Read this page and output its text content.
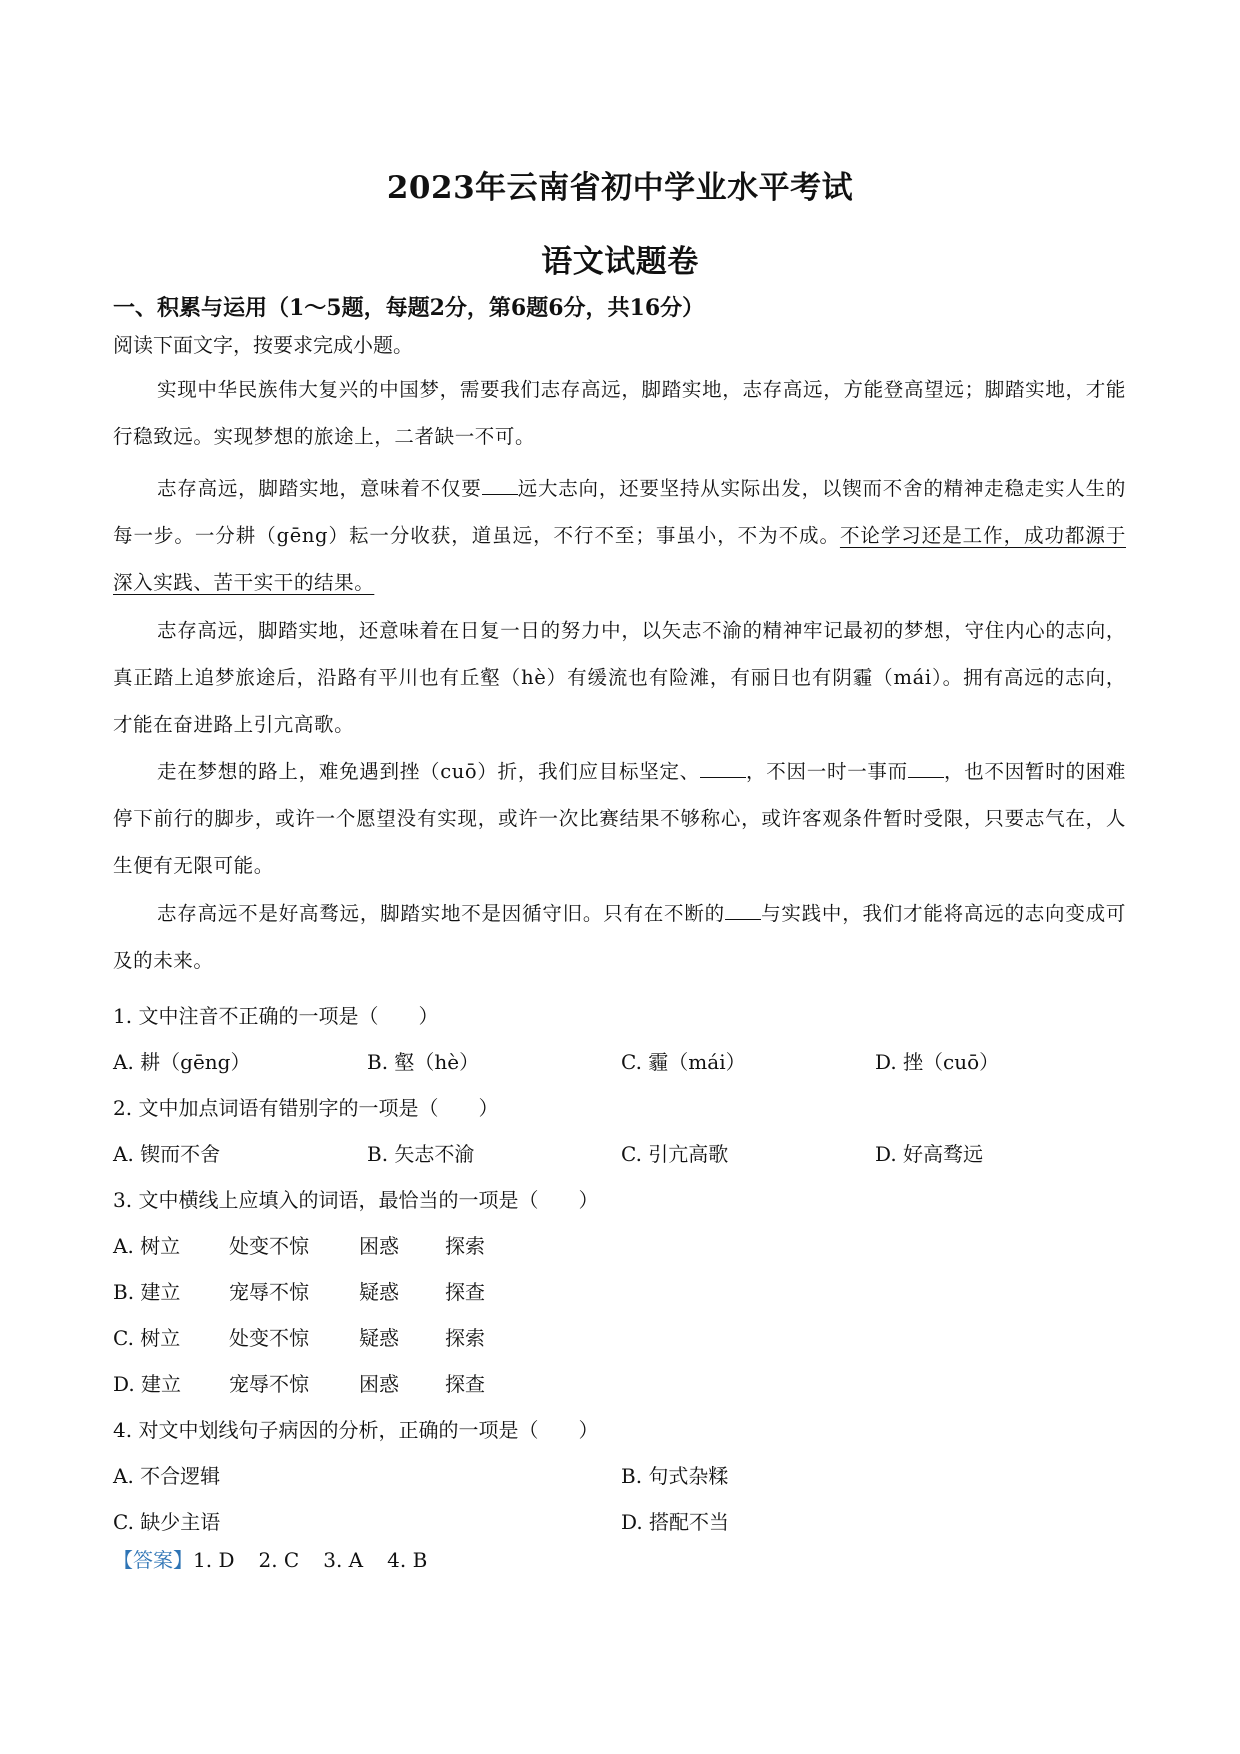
2023年云南省初中学业水平考试
语文试题卷
一、积累与运用（1～5题，每题2分，第6题6分，共16分）
阅读下面文字，按要求完成小题。
实现中华民族伟大复兴的中国梦，需要我们志存高远，脚踏实地，志存高远，方能登高望远；脚踏实地，才能行稳致远。实现梦想的旅途上，二者缺一不可。
志存高远，脚踏实地，意味着不仅要 远大志向，还要坚持从实际出发，以锲而不舍的精神走稳走实人生的每一步。一分耕（gēng）耘一分收获，道虽远，不行不至；事虽小，不为不成。不论学习还是工作，成功都源于深入实践、苦干实干的结果。
志存高远，脚踏实地，还意味着在日复一日的努力中，以矢志不渝的精神牢记最初的梦想，守住内心的志向，真正踏上追梦旅途后，沿路有平川也有丘壑（hè）有缓流也有险滩，有丽日也有阴霾（mái）。拥有高远的志向，才能在奋进路上引亢高歌。
走在梦想的路上，难免遇到挫（cuō）折，我们应目标坚定、 ，不因一时一事而 ，也不因暂时的困难停下前行的脚步，或许一个愿望没有实现，或许一次比赛结果不够称心，或许客观条件暂时受限，只要志气在，人生便有无限可能。
志存高远不是好高骛远，脚踏实地不是因循守旧。只有在不断的 与实践中，我们才能将高远的志向变成可及的未来。
1. 文中注音不正确的一项是（　　）
A. 耕（gēng）	B. 壑（hè）	C. 霾（mái）	D. 挫（cuō）
2. 文中加点词语有错别字的一项是（　　）
A. 锲而不舍	B. 矢志不渝	C. 引亢高歌	D. 好高骛远
3. 文中横线上应填入的词语，最恰当的一项是（　　）
A. 树立 处变不惊	困惑 探索
B. 建立 宠辱不惊	疑惑 探查
C. 树立 处变不惊	疑惑 探索
D. 建立 宠辱不惊	困惑 探查
4. 对文中划线句子病因的分析，正确的一项是（　　）
A. 不合逻辑	B. 句式杂糅
C. 缺少主语	D. 搭配不当
【答案】1. D 2. C 3. A 4. B
